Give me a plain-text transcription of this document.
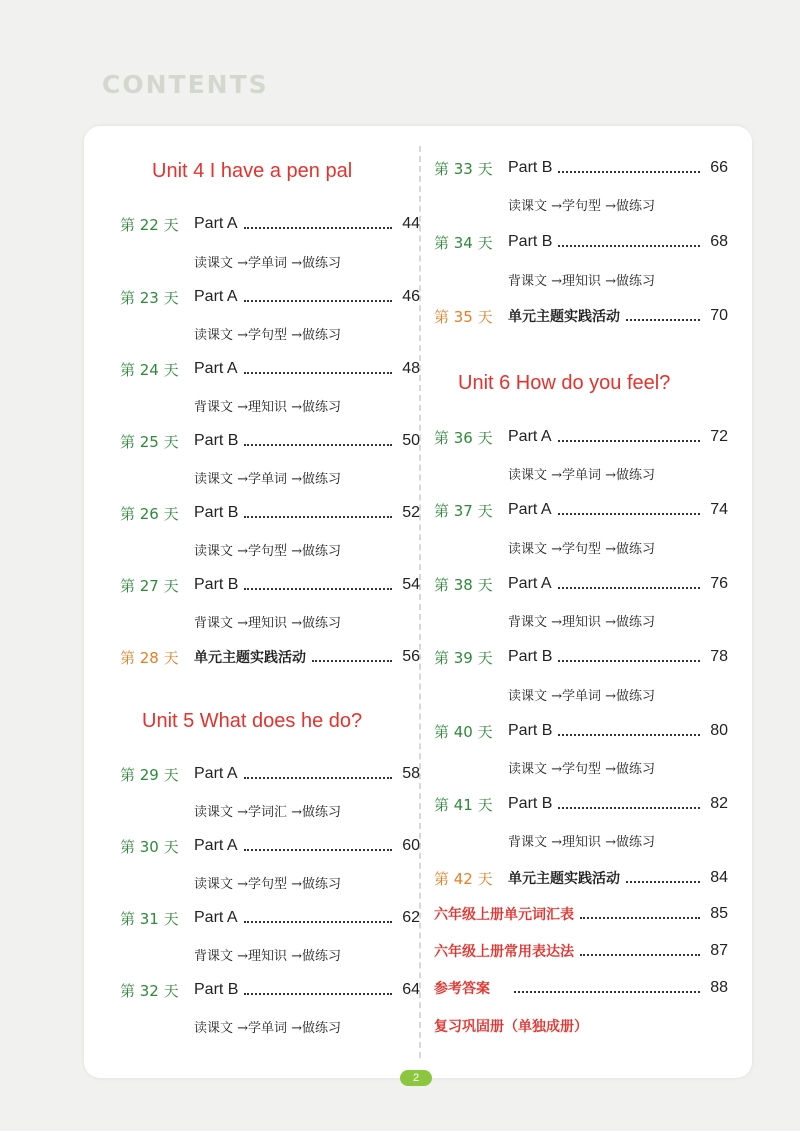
CONTENTS
Unit 4 I have a pen pal
第 22 天 Part A	44
读课文 →学单词 →做练习
第 23 天 Part A	46
读课文 →学句型 →做练习
第 24 天 Part A	48
背课文 →理知识 →做练习
第 25 天 Part B	50
读课文 →学单词 →做练习
第 26 天 Part B	52
读课文 →学句型 →做练习
第 27 天 Part B	54
背课文 →理知识 →做练习
第 28 天	单元主题实践活动	56
Unit 5 What does he do?
第 29 天 Part A	58
读课文 →学词汇 →做练习
第 30 天 Part A	60
读课文 →学句型 →做练习
第 31 天 Part A	62
背课文 →理知识 →做练习
第 32 天 Part B	64
读课文 →学单词 →做练习
第 33 天 Part B	66
读课文 →学句型 →做练习
第 34 天 Part B	68
背课文 →理知识 →做练习
第 35 天	单元主题实践活动	70
Unit 6 How do you feel?
第 36 天 Part A	72
读课文 →学单词 →做练习
第 37 天 Part A	74
读课文 →学句型 →做练习
第 38 天 Part A	76
背课文 →理知识 →做练习
第 39 天 Part B	78
读课文 →学单词 →做练习
第 40 天 Part B	80
读课文 →学句型 →做练习
第 41 天 Part B	82
背课文 →理知识 →做练习
第 42 天	单元主题实践活动	84
六年级上册单元词汇表	85
六年级上册常用表达法	87
参考答案	88
复习巩固册（单独成册）
2
